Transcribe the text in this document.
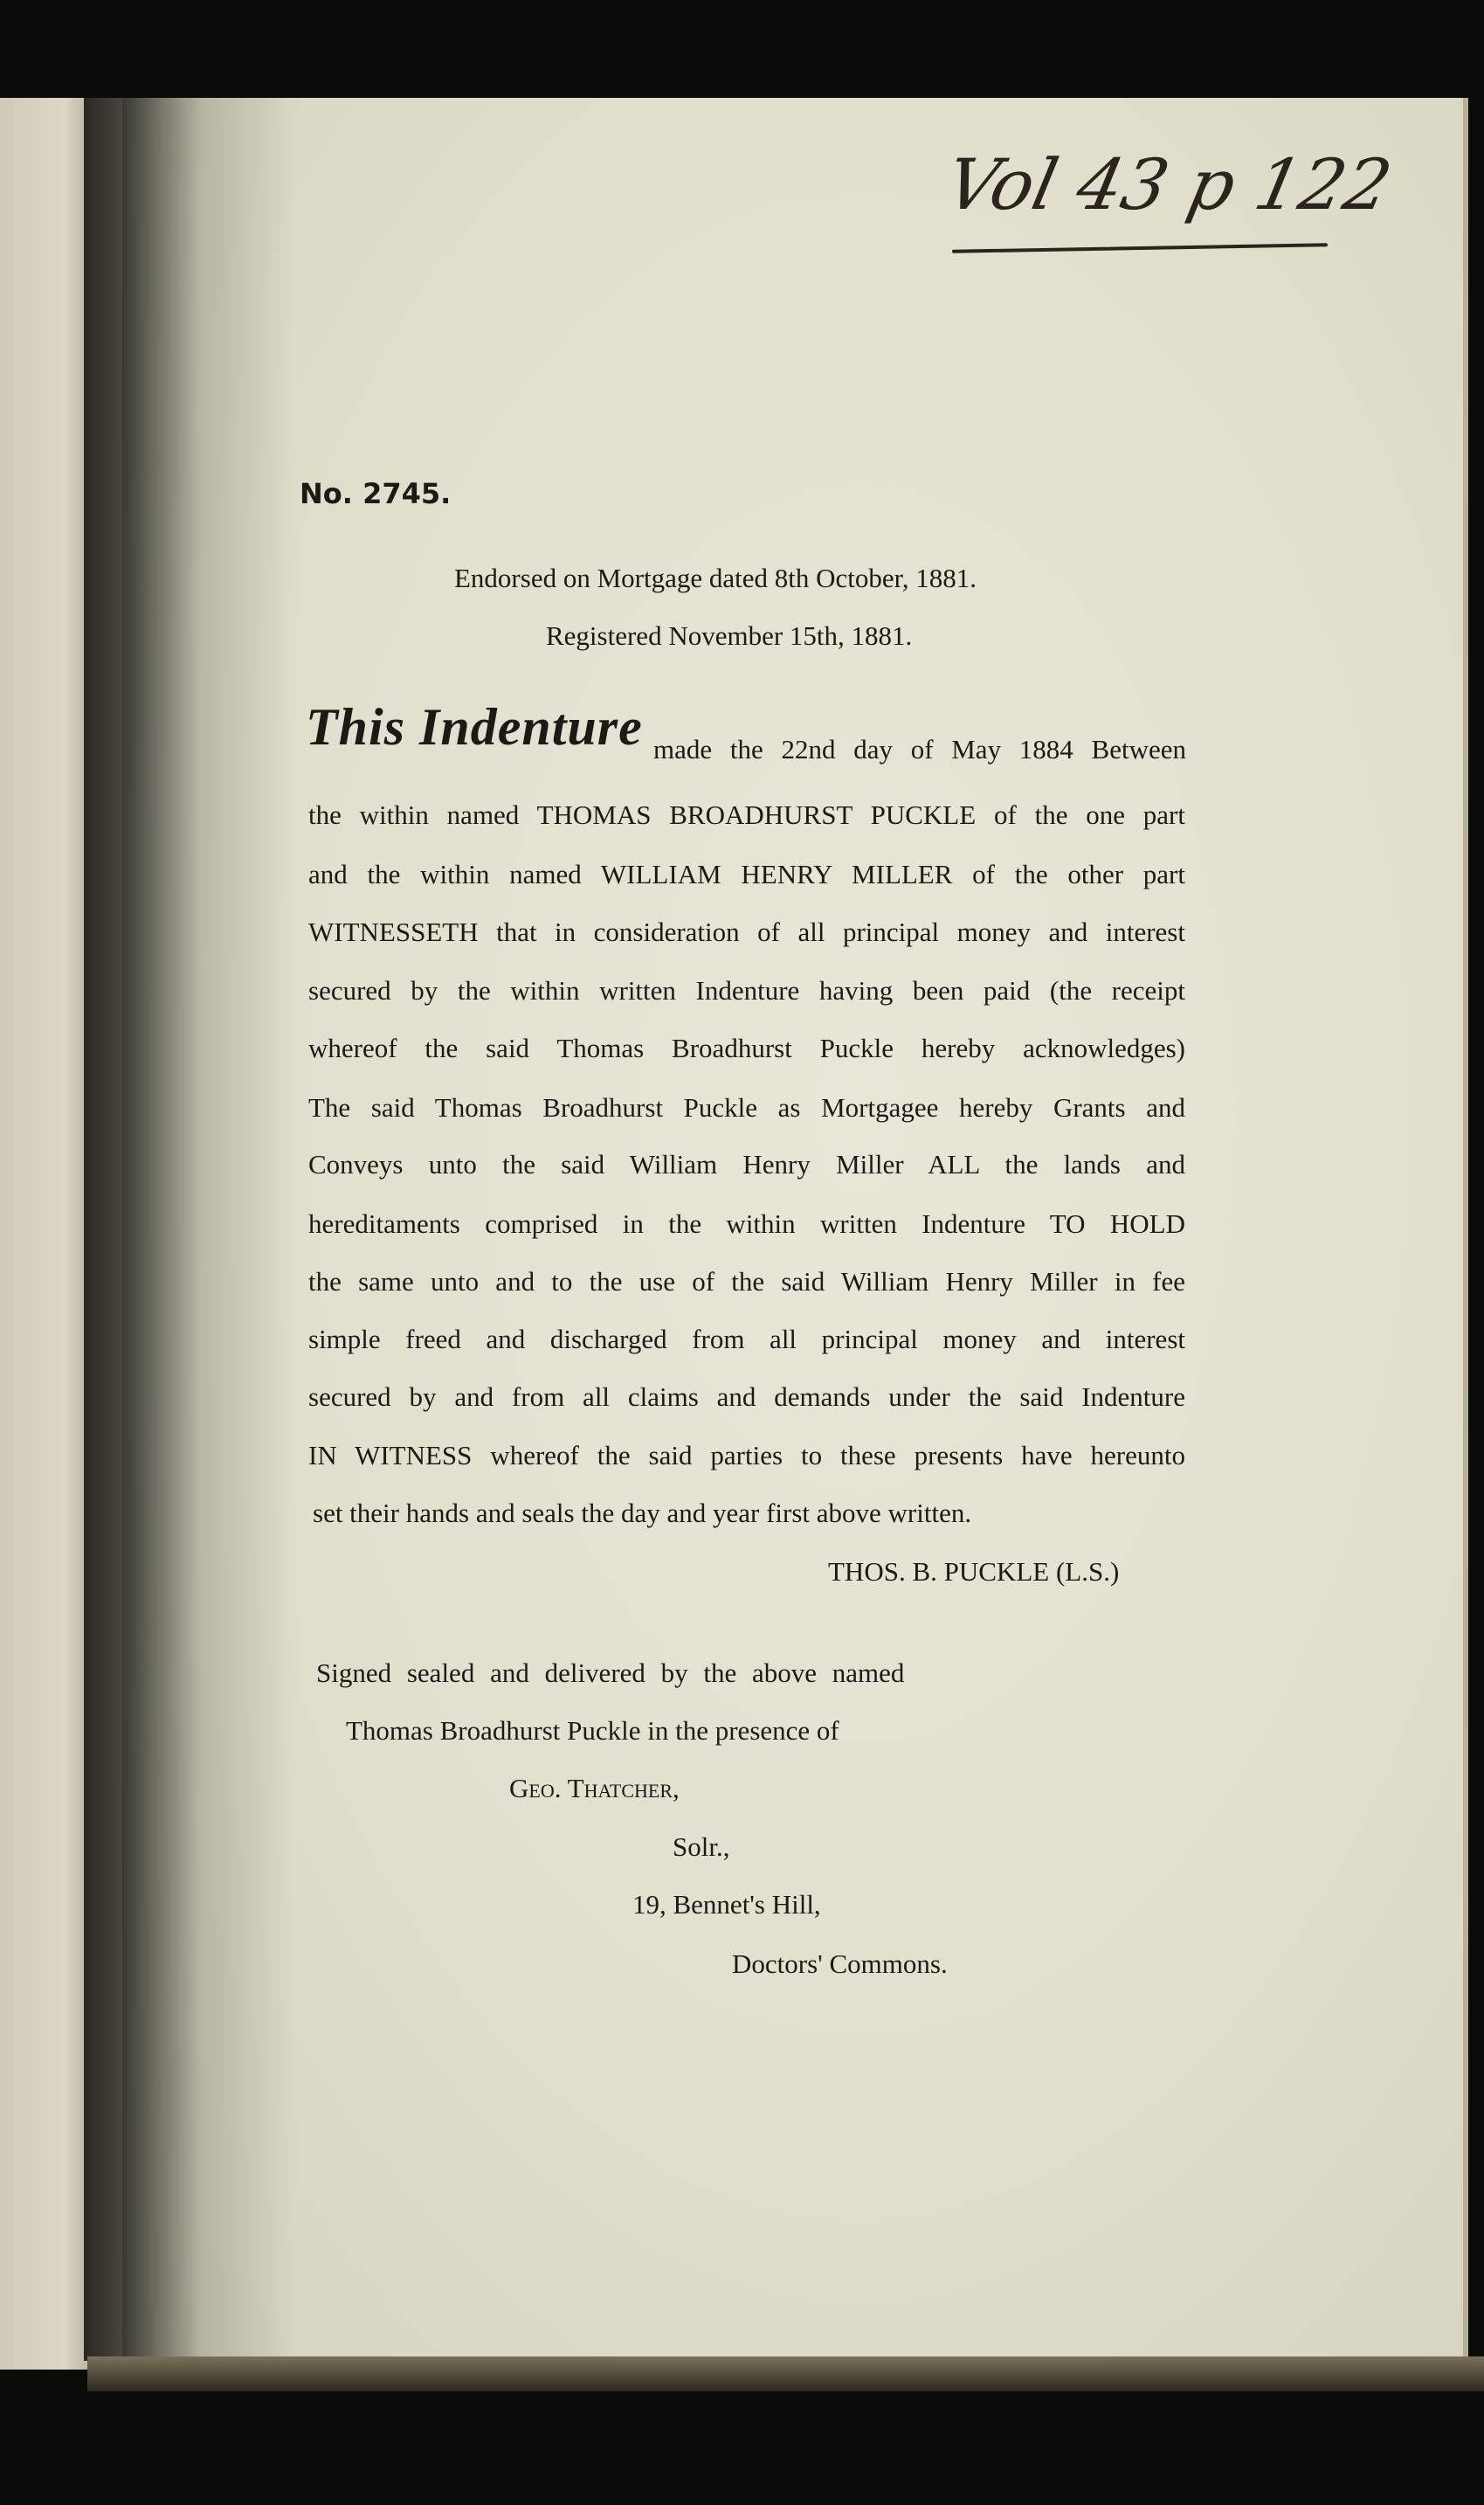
Vol 43 p 122
No. 2745.
Endorsed on Mortgage dated 8th October, 1881.
Registered November 15th, 1881.
This Indenture made the 22nd day of May 1884 Between
the within named THOMAS BROADHURST PUCKLE of the one part
and the within named WILLIAM HENRY MILLER of the other part
WITNESSETH that in consideration of all principal money and interest
secured by the within written Indenture having been paid (the receipt
whereof the said Thomas Broadhurst Puckle hereby acknowledges)
The said Thomas Broadhurst Puckle as Mortgagee hereby Grants and
Conveys unto the said William Henry Miller ALL the lands and
hereditaments comprised in the within written Indenture TO HOLD
the same unto and to the use of the said William Henry Miller in fee
simple freed and discharged from all principal money and interest
secured by and from all claims and demands under the said Indenture
IN WITNESS whereof the said parties to these presents have hereunto
set their hands and seals the day and year first above written.
THOS. B. PUCKLE (L.S.)
Signed sealed and delivered by the above named
Thomas Broadhurst Puckle in the presence of
Geo. Thatcher,
Solr.,
19, Bennet's Hill,
Doctors' Commons.
